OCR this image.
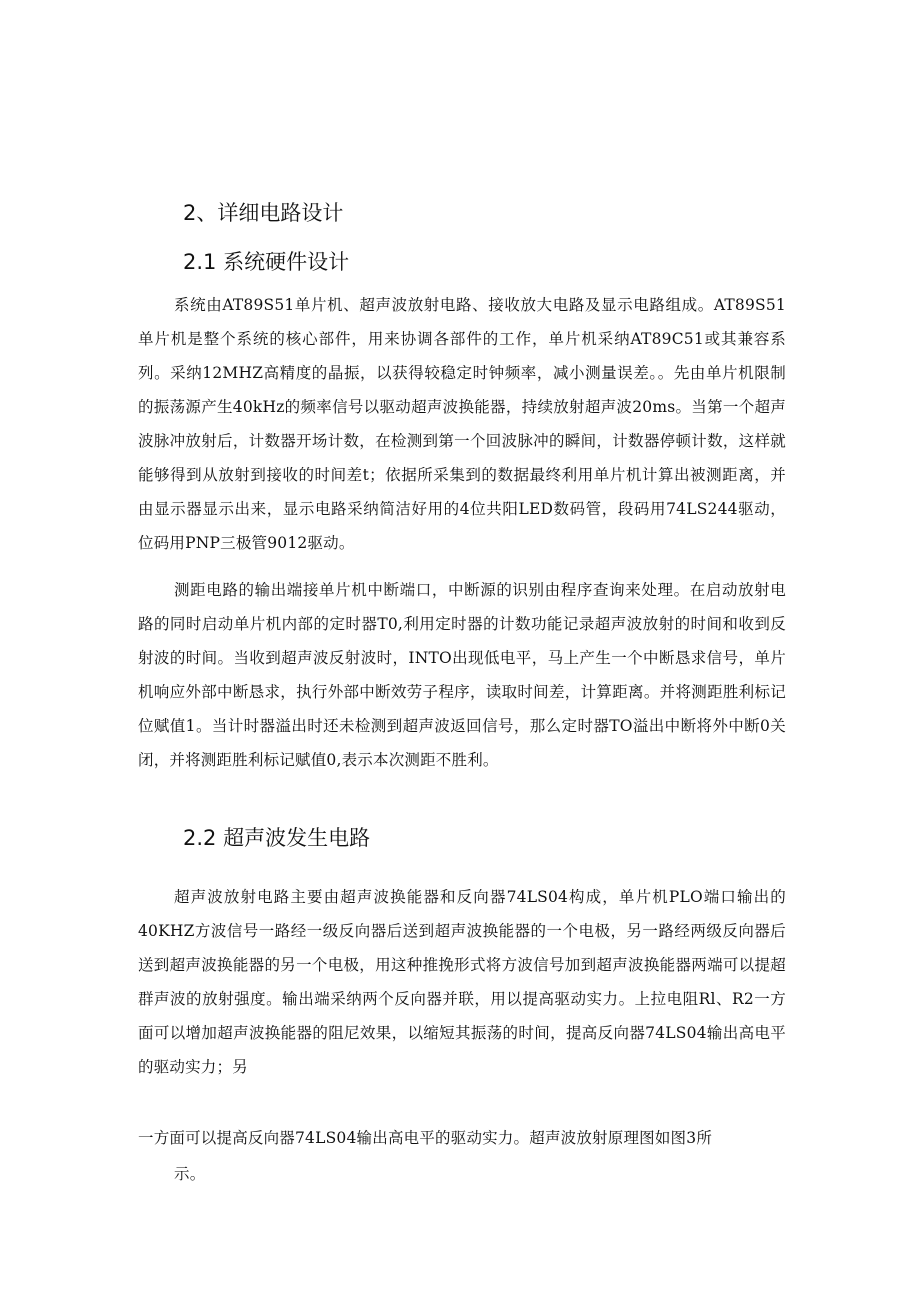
2、详细电路设计
2.1 系统硬件设计

系统由AT89S51单片机、超声波放射电路、接收放大电路及显示电路组成。AT89S51单片机是整个系统的核心部件，用来协调各部件的工作，单片机采纳AT89C51或其兼容系列。采纳12MHZ高精度的晶振，以获得较稳定时钟频率，减小测量误差。。先由单片机限制的振荡源产生40kHz的频率信号以驱动超声波换能器，持续放射超声波20ms。当第一个超声波脉冲放射后，计数器开场计数，在检测到第一个回波脉冲的瞬间，计数器停顿计数，这样就能够得到从放射到接收的时间差t；依据所采集到的数据最终利用单片机计算出被测距离，并由显示器显示出来，显示电路采纳简洁好用的4位共阳LED数码管，段码用74LS244驱动，位码用PNP三极管9012驱动。

测距电路的输出端接单片机中断端口，中断源的识别由程序查询来处理。在启动放射电路的同时启动单片机内部的定时器T0,利用定时器的计数功能记录超声波放射的时间和收到反射波的时间。当收到超声波反射波时，INTO出现低电平，马上产生一个中断恳求信号，单片机响应外部中断恳求，执行外部中断效劳子程序，读取时间差，计算距离。并将测距胜利标记位赋值1。当计时器溢出时还未检测到超声波返回信号，那么定时器TO溢出中断将外中断0关闭，并将测距胜利标记赋值0,表示本次测距不胜利。

2.2 超声波发生电路

超声波放射电路主要由超声波换能器和反向器74LS04构成，单片机PLO端口输出的40KHZ方波信号一路经一级反向器后送到超声波换能器的一个电极，另一路经两级反向器后送到超声波换能器的另一个电极，用这种推挽形式将方波信号加到超声波换能器两端可以提超群声波的放射强度。输出端采纳两个反向器并联，用以提高驱动实力。上拉电阻Rl、R2一方面可以增加超声波换能器的阻尼效果，以缩短其振荡的时间，提高反向器74LS04输出高电平的驱动实力；另

一方面可以提高反向器74LS04输出高电平的驱动实力。超声波放射原理图如图3所

示。
